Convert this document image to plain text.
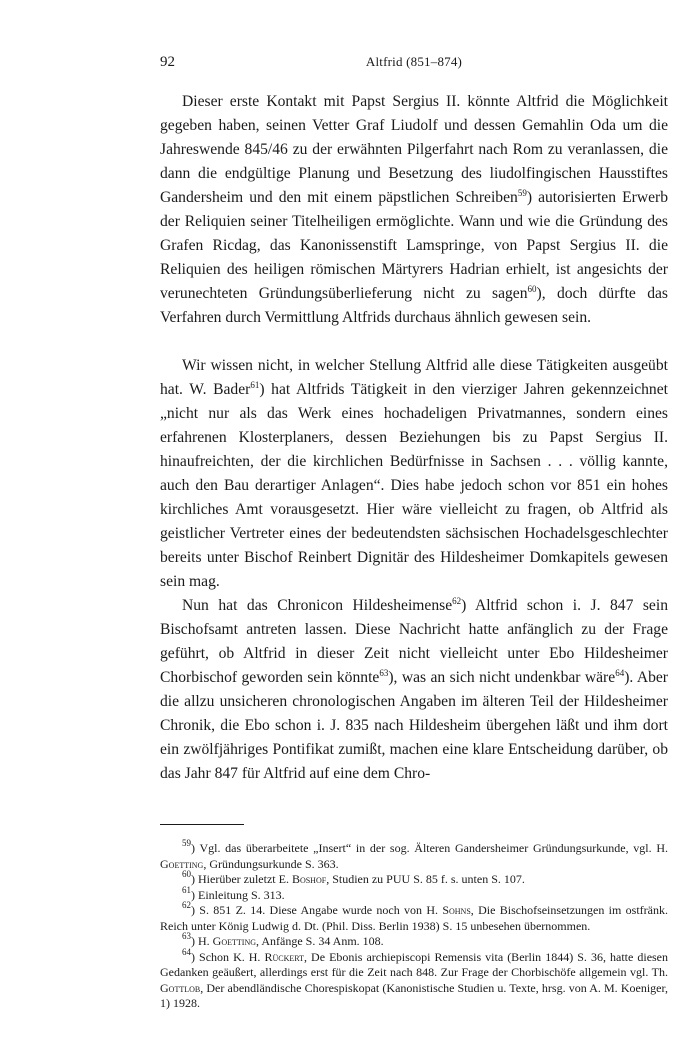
92	Altfrid (851–874)

Dieser erste Kontakt mit Papst Sergius II. könnte Altfrid die Möglichkeit gegeben haben, seinen Vetter Graf Liudolf und dessen Gemahlin Oda um die Jahreswende 845/46 zu der erwähnten Pilgerfahrt nach Rom zu veranlassen, die dann die endgültige Planung und Besetzung des liudolfingischen Hausstiftes Gandersheim und den mit einem päpstlichen Schreiben$^{59}$) autorisierten Erwerb der Reliquien seiner Titelheiligen ermöglichte. Wann und wie die Gründung des Grafen Ricdag, das Kanonissenstift Lamspringe, von Papst Sergius II. die Reliquien des heiligen römischen Märtyrers Hadrian erhielt, ist angesichts der verunechteten Gründungsüberlieferung nicht zu sagen$^{60}$), doch dürfte das Verfahren durch Vermittlung Altfrids durchaus ähnlich gewesen sein.

Wir wissen nicht, in welcher Stellung Altfrid alle diese Tätigkeiten ausgeübt hat. W. Bader$^{61}$) hat Altfrids Tätigkeit in den vierziger Jahren gekennzeichnet „nicht nur als das Werk eines hochadeligen Privatmannes, sondern eines erfahrenen Klosterplaners, dessen Beziehungen bis zu Papst Sergius II. hinaufreichten, der die kirchlichen Bedürfnisse in Sachsen . . . völlig kannte, auch den Bau derartiger Anlagen“. Dies habe jedoch schon vor 851 ein hohes kirchliches Amt vorausgesetzt. Hier wäre vielleicht zu fragen, ob Altfrid als geistlicher Vertreter eines der bedeutendsten sächsischen Hochadelsgeschlechter bereits unter Bischof Reinbert Dignitär des Hildesheimer Domkapitels gewesen sein mag.

Nun hat das Chronicon Hildesheimense$^{62}$) Altfrid schon i. J. 847 sein Bischofsamt antreten lassen. Diese Nachricht hatte anfänglich zu der Frage geführt, ob Altfrid in dieser Zeit nicht vielleicht unter Ebo Hildesheimer Chorbischof geworden sein könnte$^{63}$), was an sich nicht undenkbar wäre$^{64}$). Aber die allzu unsicheren chronologischen Angaben im älteren Teil der Hildesheimer Chronik, die Ebo schon i. J. 835 nach Hildesheim übergehen läßt und ihm dort ein zwölfjähriges Pontifikat zumißt, machen eine klare Entscheidung darüber, ob das Jahr 847 für Altfrid auf eine dem Chro-

$^{59}$) Vgl. das überarbeitete „Insert“ in der sog. Älteren Gandersheimer Gründungsurkunde, vgl. H. Goetting, Gründungsurkunde S. 363.

$^{60}$) Hierüber zuletzt E. Boshof, Studien zu PUU S. 85 f. s. unten S. 107.

$^{61}$) Einleitung S. 313.

$^{62}$) S. 851 Z. 14. Diese Angabe wurde noch von H. Sohns, Die Bischofseinsetzungen im ostfränk. Reich unter König Ludwig d. Dt. (Phil. Diss. Berlin 1938) S. 15 unbesehen übernommen.

$^{63}$) H. Goetting, Anfänge S. 34 Anm. 108.

$^{64}$) Schon K. H. Rückert, De Ebonis archiepiscopi Remensis vita (Berlin 1844) S. 36, hatte diesen Gedanken geäußert, allerdings erst für die Zeit nach 848. Zur Frage der Chorbischöfe allgemein vgl. Th. Gottlob, Der abendländische Chorespiskopat (Kanonistische Studien u. Texte, hrsg. von A. M. Koeniger, 1) 1928.
